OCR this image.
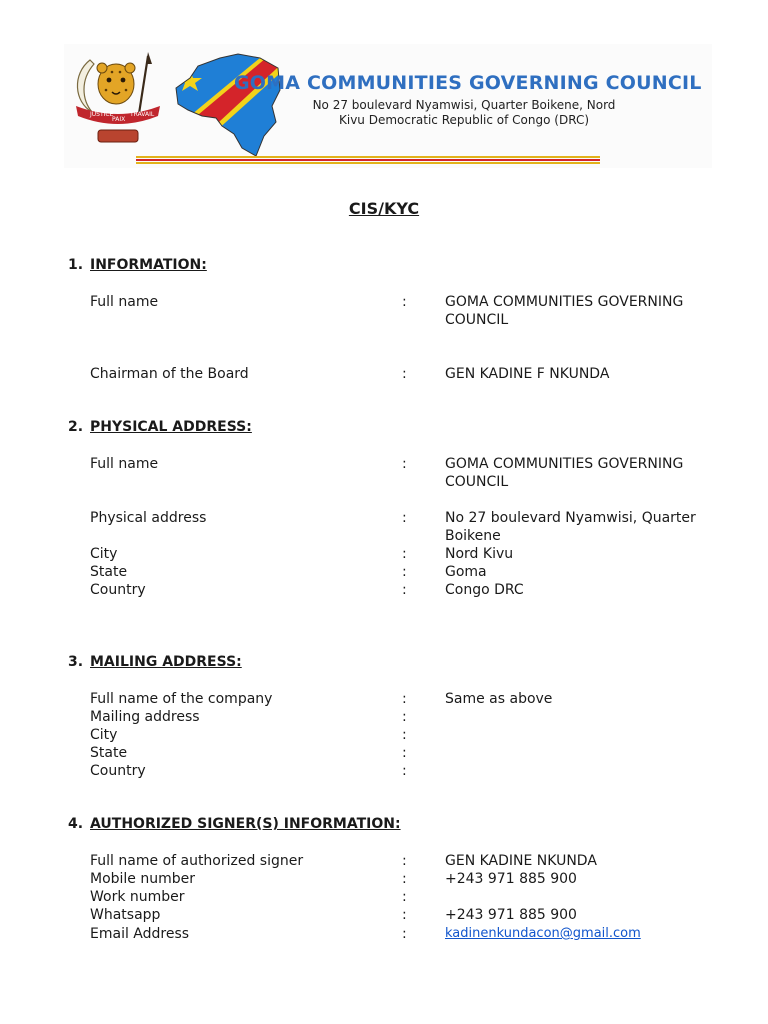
JUSTICE
PAIX
TRAVAIL
GOMA COMMUNITIES GOVERNING COUNCIL
No 27 boulevard Nyamwisi, Quarter Boikene, Nord
Kivu Democratic Republic of Congo (DRC)
CIS/KYC
1. INFORMATION:
Full name	:	GOMA COMMUNITIES GOVERNING COUNCIL
Chairman of the Board	:	GEN KADINE F NKUNDA
2. PHYSICAL ADDRESS:
Full name	:	GOMA COMMUNITIES GOVERNING COUNCIL
Physical address	:	No 27 boulevard Nyamwisi, Quarter Boikene
City	:	Nord Kivu
State	:	Goma
Country	:	Congo DRC
3. MAILING ADDRESS:
Full name of the company	:	Same as above
Mailing address	:
City	:
State	:
Country	:
4. AUTHORIZED SIGNER(S) INFORMATION:
Full name of authorized signer	:	GEN KADINE NKUNDA
Mobile number	:	+243 971 885 900
Work number	:
Whatsapp	:	+243 971 885 900
Email Address	:	kadinenkundacon@gmail.com
